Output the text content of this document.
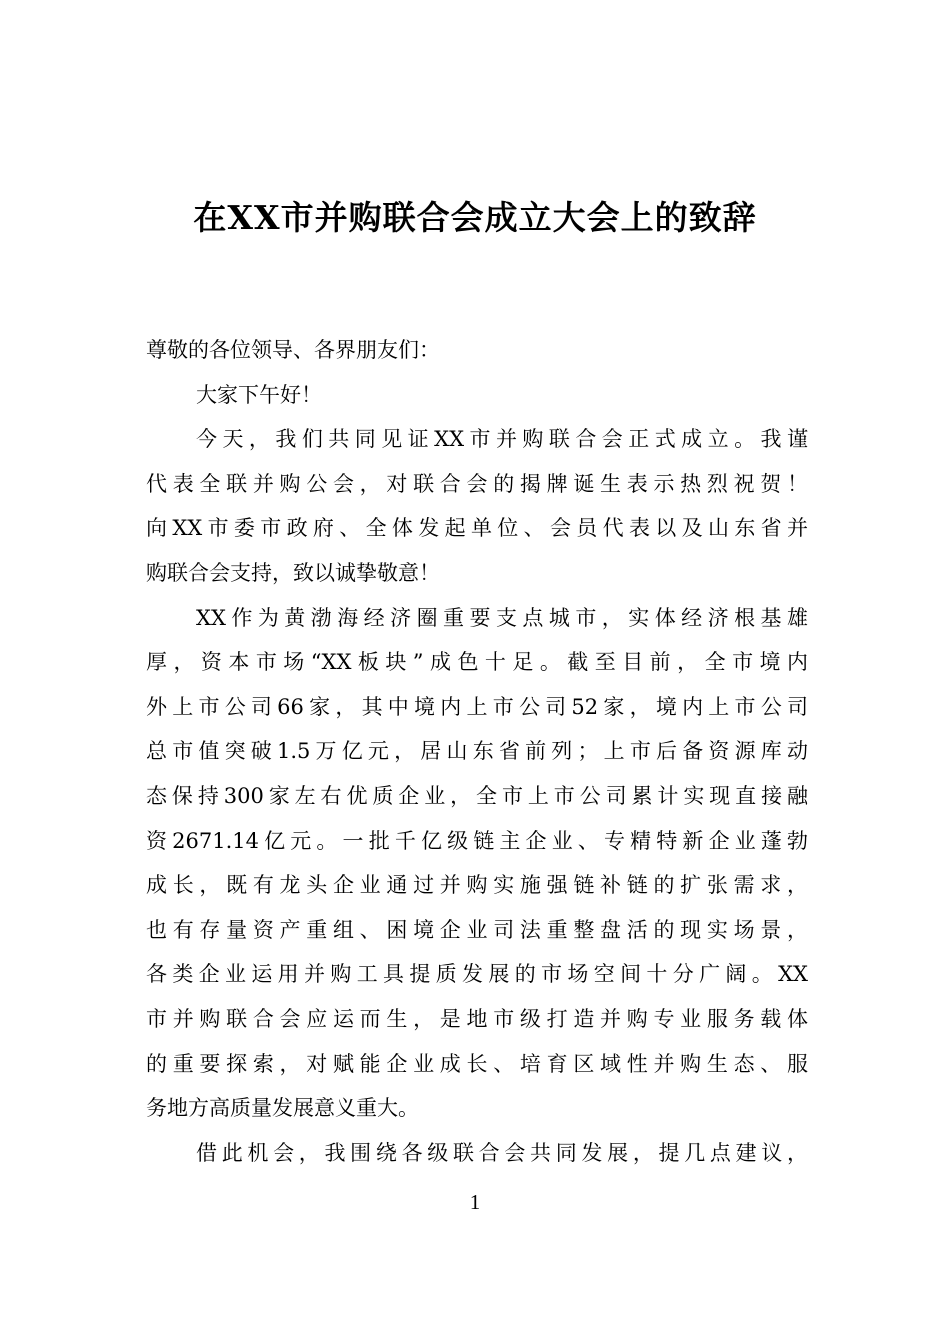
在XX市并购联合会成立大会上的致辞
尊敬的各位领导、各界朋友们：
大家下午好！
今天，我们共同见证XX市并购联合会正式成立。我谨
代表全联并购公会，对联合会的揭牌诞生表示热烈祝贺！
向XX市委市政府、全体发起单位、会员代表以及山东省并
购联合会支持，致以诚挚敬意！
XX作为黄渤海经济圈重要支点城市，实体经济根基雄
厚，资本市场“XX板块”成色十足。截至目前，全市境内
外上市公司66家，其中境内上市公司52家，境内上市公司
总市值突破1.5万亿元，居山东省前列；上市后备资源库动
态保持300家左右优质企业，全市上市公司累计实现直接融
资2671.14亿元。一批千亿级链主企业、专精特新企业蓬勃
成长，既有龙头企业通过并购实施强链补链的扩张需求，
也有存量资产重组、困境企业司法重整盘活的现实场景，
各类企业运用并购工具提质发展的市场空间十分广阔。XX
市并购联合会应运而生，是地市级打造并购专业服务载体
的重要探索，对赋能企业成长、培育区域性并购生态、服
务地方高质量发展意义重大。
借此机会，我围绕各级联合会共同发展，提几点建议，
1
